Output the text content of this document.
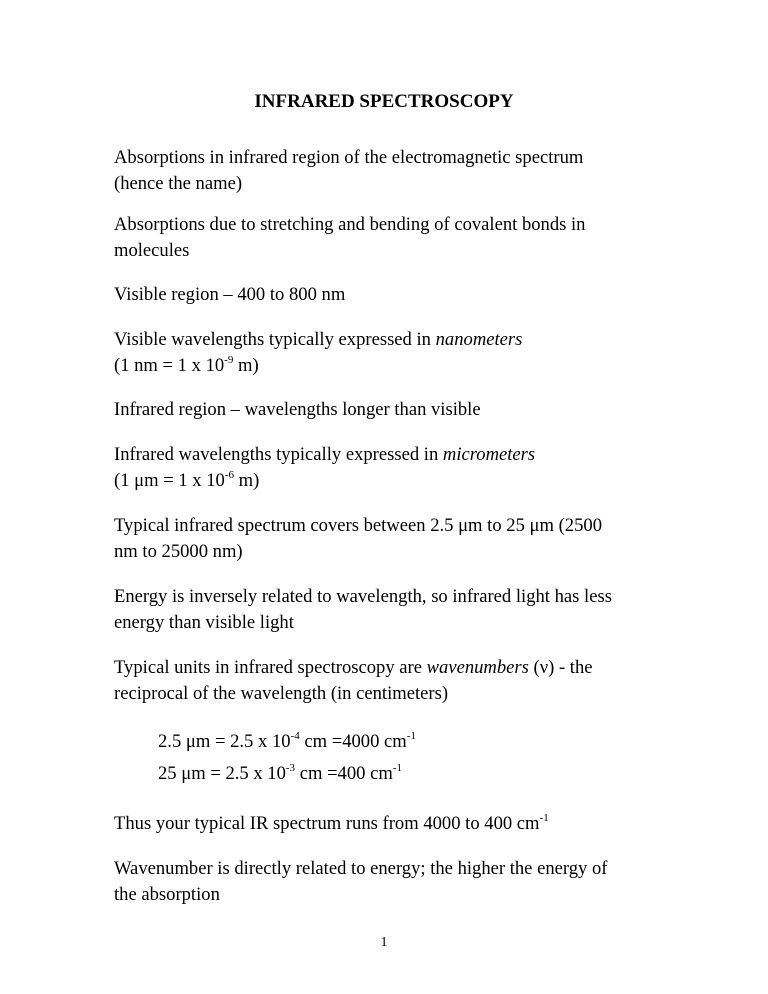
INFRARED SPECTROSCOPY
Absorptions in infrared region of the electromagnetic spectrum
(hence the name)
Absorptions due to stretching and bending of covalent bonds in
molecules
Visible region – 400 to 800 nm
Visible wavelengths typically expressed in nanometers
(1 nm = 1 x $10^{-9}$ m)
Infrared region – wavelengths longer than visible
Infrared wavelengths typically expressed in micrometers
(1 μm = 1 x $10^{-6}$ m)
Typical infrared spectrum covers between 2.5 μm to 25 μm (2500
nm to 25000 nm)
Energy is inversely related to wavelength, so infrared light has less
energy than visible light
Typical units in infrared spectroscopy are wavenumbers (ν) - the
reciprocal of the wavelength (in centimeters)
2.5 μm = 2.5 x $10^{-4}$ cm =4000 $cm^{-1}$
25 μm = 2.5 x $10^{-3}$ cm =400 $cm^{-1}$
Thus your typical IR spectrum runs from 4000 to 400 $cm^{-1}$
Wavenumber is directly related to energy; the higher the energy of
the absorption
1
